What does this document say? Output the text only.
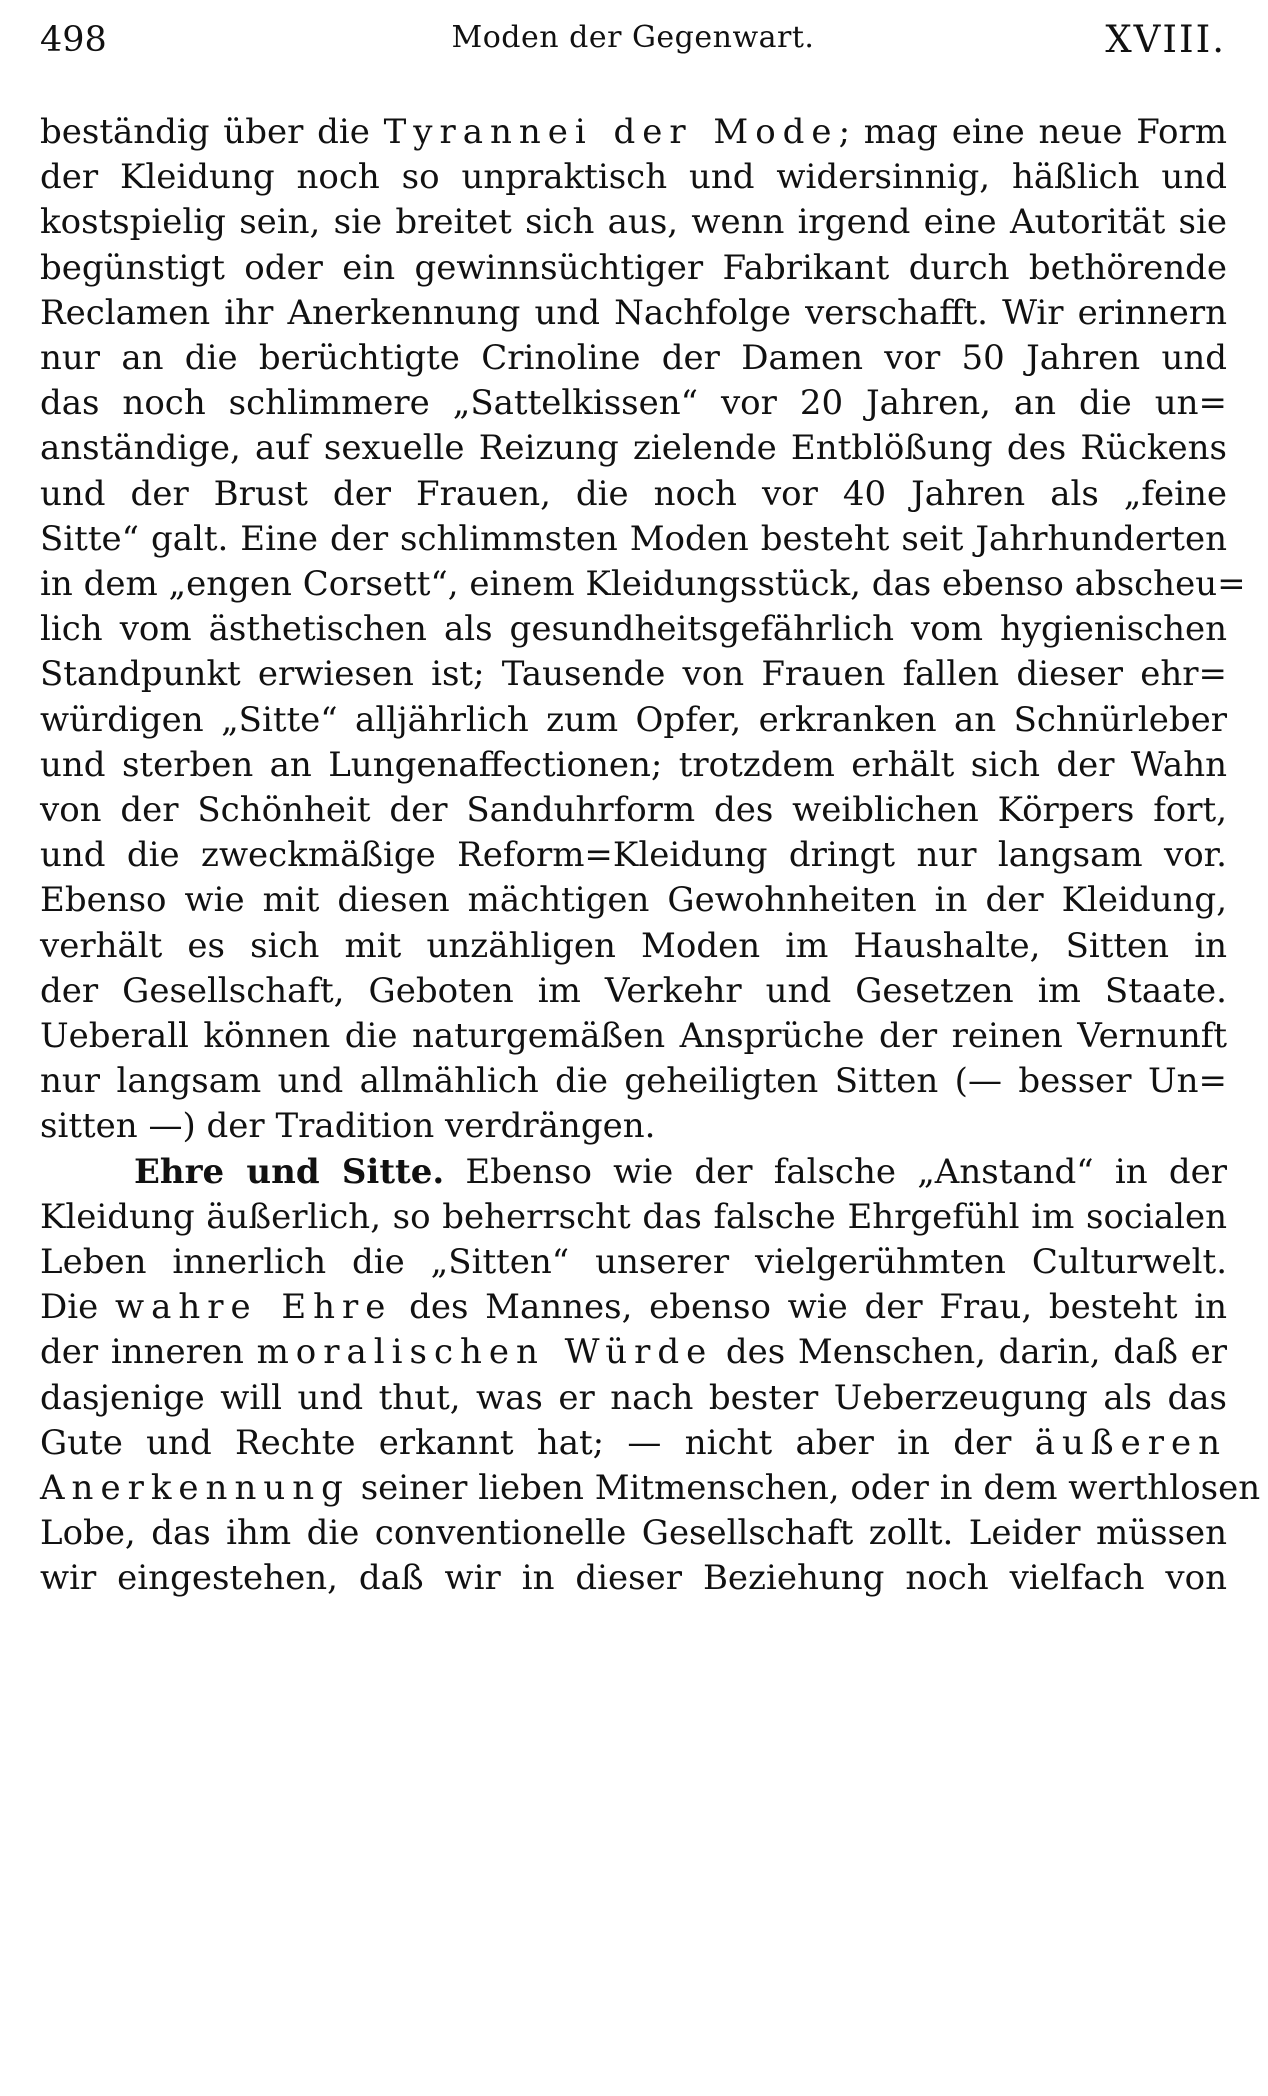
498	Moden der Gegenwart.	XVIII.
beständig über die Tyrannei der Mode; mag eine neue Form
der Kleidung noch so unpraktisch und widersinnig, häßlich und
kostspielig sein, sie breitet sich aus, wenn irgend eine Autorität sie
begünstigt oder ein gewinnsüchtiger Fabrikant durch bethörende
Reclamen ihr Anerkennung und Nachfolge verschafft. Wir erinnern
nur an die berüchtigte Crinoline der Damen vor 50 Jahren und
das noch schlimmere „Sattelkissen“ vor 20 Jahren, an die un=
anständige, auf sexuelle Reizung zielende Entblößung des Rückens
und der Brust der Frauen, die noch vor 40 Jahren als „feine
Sitte“ galt. Eine der schlimmsten Moden besteht seit Jahrhunderten
in dem „engen Corsett“, einem Kleidungsstück, das ebenso abscheu=
lich vom ästhetischen als gesundheitsgefährlich vom hygienischen
Standpunkt erwiesen ist; Tausende von Frauen fallen dieser ehr=
würdigen „Sitte“ alljährlich zum Opfer, erkranken an Schnürleber
und sterben an Lungenaffectionen; trotzdem erhält sich der Wahn
von der Schönheit der Sanduhrform des weiblichen Körpers fort,
und die zweckmäßige Reform=Kleidung dringt nur langsam vor.
Ebenso wie mit diesen mächtigen Gewohnheiten in der Kleidung,
verhält es sich mit unzähligen Moden im Haushalte, Sitten in
der Gesellschaft, Geboten im Verkehr und Gesetzen im Staate.
Ueberall können die naturgemäßen Ansprüche der reinen Vernunft
nur langsam und allmählich die geheiligten Sitten (— besser Un=
sitten —) der Tradition verdrängen.
Ehre und Sitte. Ebenso wie der falsche „Anstand“ in der
Kleidung äußerlich, so beherrscht das falsche Ehrgefühl im socialen
Leben innerlich die „Sitten“ unserer vielgerühmten Culturwelt.
Die wahre Ehre des Mannes, ebenso wie der Frau, besteht in
der inneren moralischen Würde des Menschen, darin, daß er
dasjenige will und thut, was er nach bester Ueberzeugung als das
Gute und Rechte erkannt hat; — nicht aber in der äußeren
Anerkennung seiner lieben Mitmenschen, oder in dem werthlosen
Lobe, das ihm die conventionelle Gesellschaft zollt. Leider müssen
wir eingestehen, daß wir in dieser Beziehung noch vielfach von
